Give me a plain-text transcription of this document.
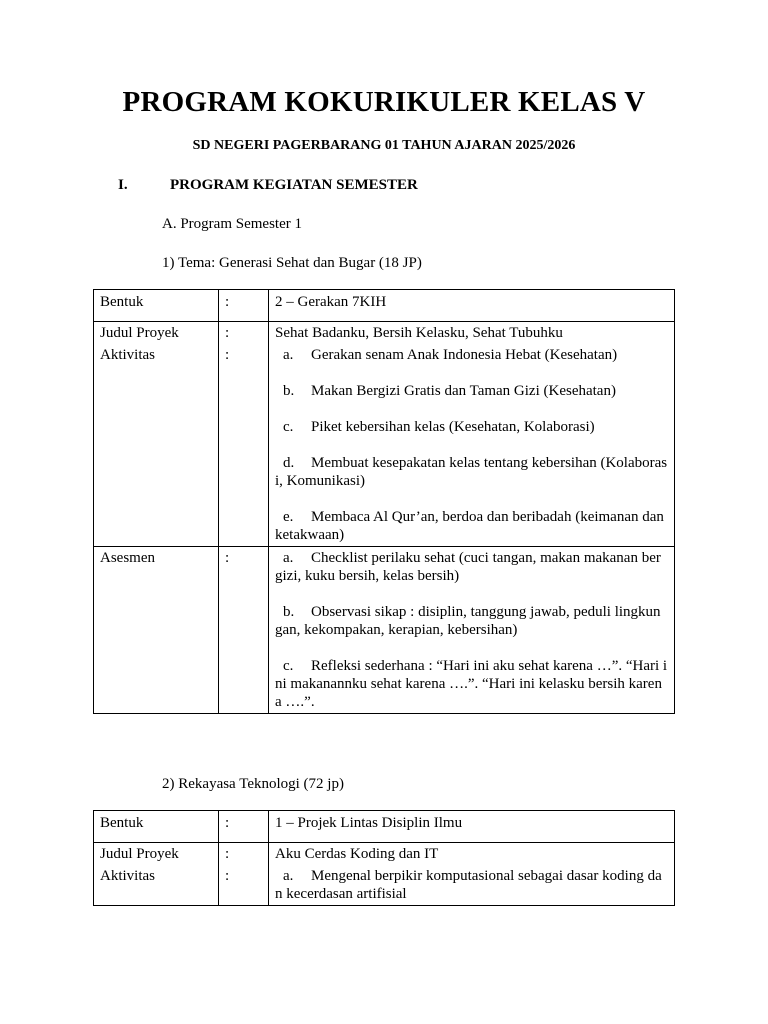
PROGRAM KOKURIKULER KELAS V
SD NEGERI PAGERBARANG 01 TAHUN AJARAN 2025/2026
I.	PROGRAM KEGIATAN SEMESTER
A. Program Semester 1
1) Tema: Generasi Sehat dan Bugar (18 JP)
Bentuk	:	2 – Gerakan 7KIH
Judul Proyek	:	Sehat Badanku, Bersih Kelasku, Sehat Tubuhku
Aktivitas	:	a. Gerakan senam Anak Indonesia Hebat (Kesehatan)
b. Makan Bergizi Gratis dan Taman Gizi (Kesehatan)
c. Piket kebersihan kelas (Kesehatan, Kolaborasi)
d. Membuat kesepakatan kelas tentang kebersihan (Kolaborasi, Komunikasi)
e. Membaca Al Qur’an, berdoa dan beribadah (keimanan dan ketakwaan)

Asesmen	:	a. Checklist perilaku sehat (cuci tangan, makan makanan bergizi, kuku bersih, kelas bersih)
b. Observasi sikap : disiplin, tanggung jawab, peduli lingkungan, kekompakan, kerapian, kebersihan)
c. Refleksi sederhana : “Hari ini aku sehat karena …”. “Hari ini makanannku sehat karena ….”. “Hari ini kelasku bersih karena ….”.
2) Rekayasa Teknologi (72 jp)
Bentuk	:	1 – Projek Lintas Disiplin Ilmu
Judul Proyek	:	Aku Cerdas Koding dan IT
Aktivitas	:	a. Mengenal berpikir komputasional sebagai dasar koding dan kecerdasan artifisial
